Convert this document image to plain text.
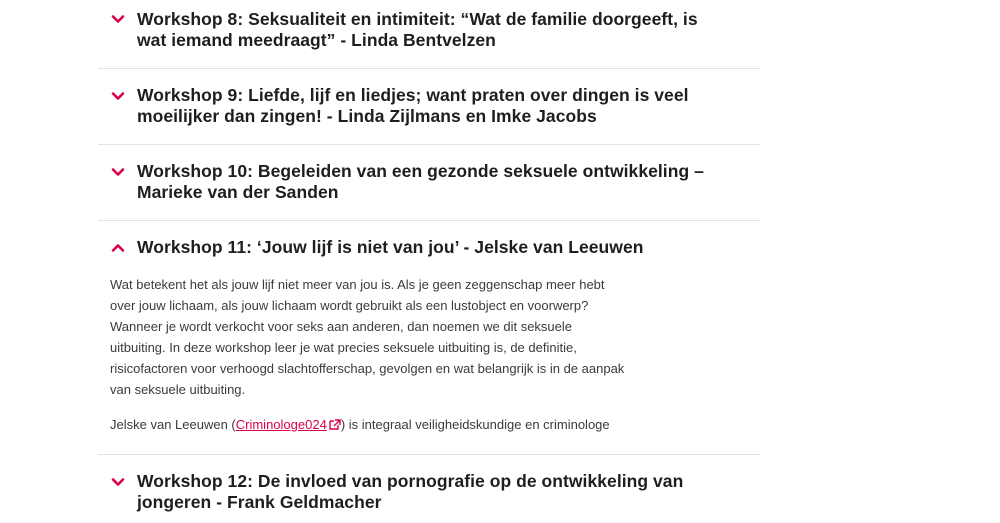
Workshop 8: Seksualiteit en intimiteit: “Wat de familie doorgeeft, is wat iemand meedraagt” - Linda Bentvelzen
Workshop 9: Liefde, lijf en liedjes; want praten over dingen is veel moeilijker dan zingen! - Linda Zijlmans en Imke Jacobs
Workshop 10: Begeleiden van een gezonde seksuele ontwikkeling – Marieke van der Sanden
Workshop 11: ‘Jouw lijf is niet van jou’ - Jelske van Leeuwen

Wat betekent het als jouw lijf niet meer van jou is. Als je geen zeggenschap meer hebt over jouw lichaam, als jouw lichaam wordt gebruikt als een lustobject en voorwerp? Wanneer je wordt verkocht voor seks aan anderen, dan noemen we dit seksuele uitbuiting. In deze workshop leer je wat precies seksuele uitbuiting is, de definitie, risicofactoren voor verhoogd slachtofferschap, gevolgen en wat belangrijk is in de aanpak van seksuele uitbuiting.

Jelske van Leeuwen (Criminologe024 ) is integraal veiligheidskundige en criminologe

Workshop 12: De invloed van pornografie op de ontwikkeling van jongeren - Frank Geldmacher
